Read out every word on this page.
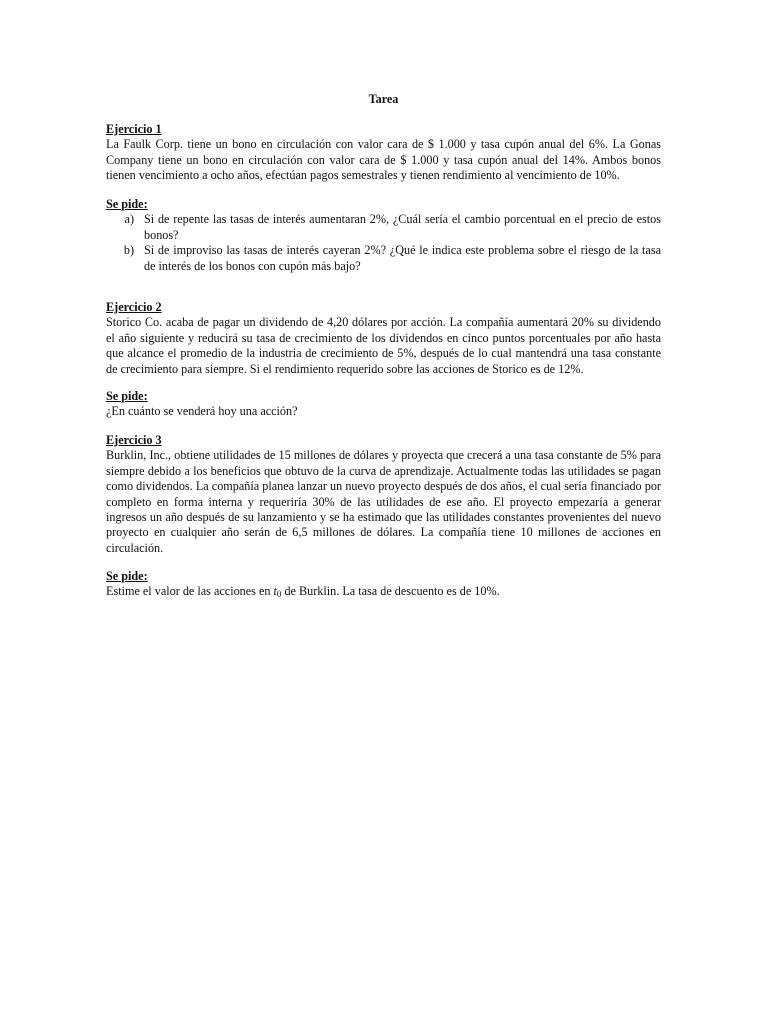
Tarea
Ejercicio 1

La Faulk Corp. tiene un bono en circulación con valor cara de $ 1.000 y tasa cupón anual del 6%. La Gonas Company tiene un bono en circulación con valor cara de $ 1.000 y tasa cupón anual del 14%. Ambos bonos tienen vencimiento a ocho años, efectúan pagos semestrales y tienen rendimiento al vencimiento de 10%.

Se pide:
a) Si de repente las tasas de interés aumentaran 2%, ¿Cuál sería el cambio porcentual en el precio de estos bonos?
b) Si de improviso las tasas de interés cayeran 2%? ¿Qué le indica este problema sobre el riesgo de la tasa de interés de los bonos con cupón más bajo?
Ejercicio 2

Storico Co. acaba de pagar un dividendo de 4,20 dólares por acción. La compañía aumentará 20% su dividendo el año siguiente y reducirá su tasa de crecimiento de los dividendos en cinco puntos porcentuales por año hasta que alcance el promedio de la industria de crecimiento de 5%, después de lo cual mantendrá una tasa constante de crecimiento para siempre. Si el rendimiento requerido sobre las acciones de Storico es de 12%.

Se pide:

¿En cuánto se venderá hoy una acción?

Ejercicio 3

Burklin, Inc., obtiene utilidades de 15 millones de dólares y proyecta que crecerá a una tasa constante de 5% para siempre debido a los beneficios que obtuvo de la curva de aprendizaje. Actualmente todas las utilidades se pagan como dividendos. La compañía planea lanzar un nuevo proyecto después de dos años, el cual sería financiado por completo en forma interna y requeriría 30% de las utilidades de ese año. El proyecto empezaría a generar ingresos un año después de su lanzamiento y se ha estimado que las utilidades constantes provenientes del nuevo proyecto en cualquier año serán de 6,5 millones de dólares. La compañía tiene 10 millones de acciones en circulación.

Se pide:

Estime el valor de las acciones en $t_0$ de Burklin. La tasa de descuento es de 10%.
